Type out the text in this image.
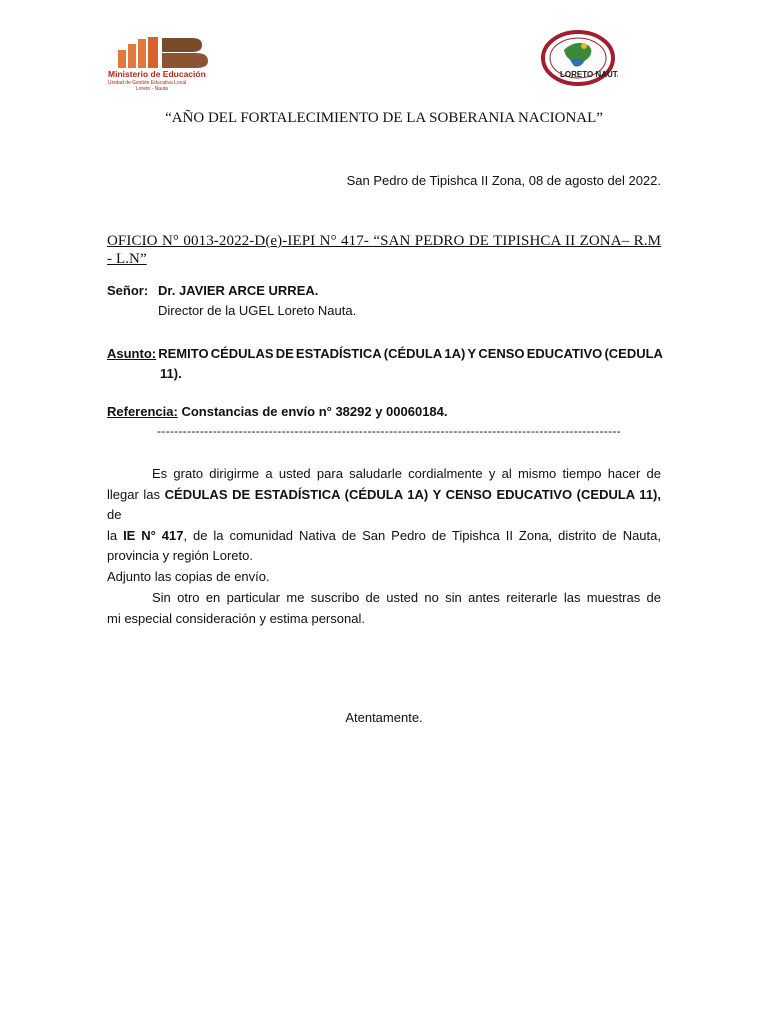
Ministerio de Educación
Unidad de Gestión Educativa Local
Loreto - Nauta
LORETO NAUTA
“AÑO DEL FORTALECIMIENTO DE LA SOBERANIA NACIONAL”
San Pedro de Tipishca II Zona, 08 de agosto del 2022.
OFICIO N° 0013-2022-D(e)-IEPI N° 417- “SAN PEDRO DE TIPISHCA II ZONA– R.M - L.N”
Señor: Dr. JAVIER ARCE URREA.
Director de la UGEL Loreto Nauta.
Asunto: REMITO CÉDULAS DE ESTADÍSTICA (CÉDULA 1A) Y CENSO EDUCATIVO (CEDULA
11).
Referencia: Constancias de envío n° 38292 y 00060184.
------------------------------------------------------------------------------------------------------------
Es grato dirigirme a usted para saludarle cordialmente y al mismo tiempo hacer de
llegar las CÉDULAS DE ESTADÍSTICA (CÉDULA 1A) Y CENSO EDUCATIVO (CEDULA 11), de
la IE N° 417, de la comunidad Nativa de San Pedro de Tipishca II Zona, distrito de Nauta,
provincia y región Loreto.
Adjunto las copias de envío.
Sin otro en particular me suscribo de usted no sin antes reiterarle las muestras de
mi especial consideración y estima personal.
Atentamente.
